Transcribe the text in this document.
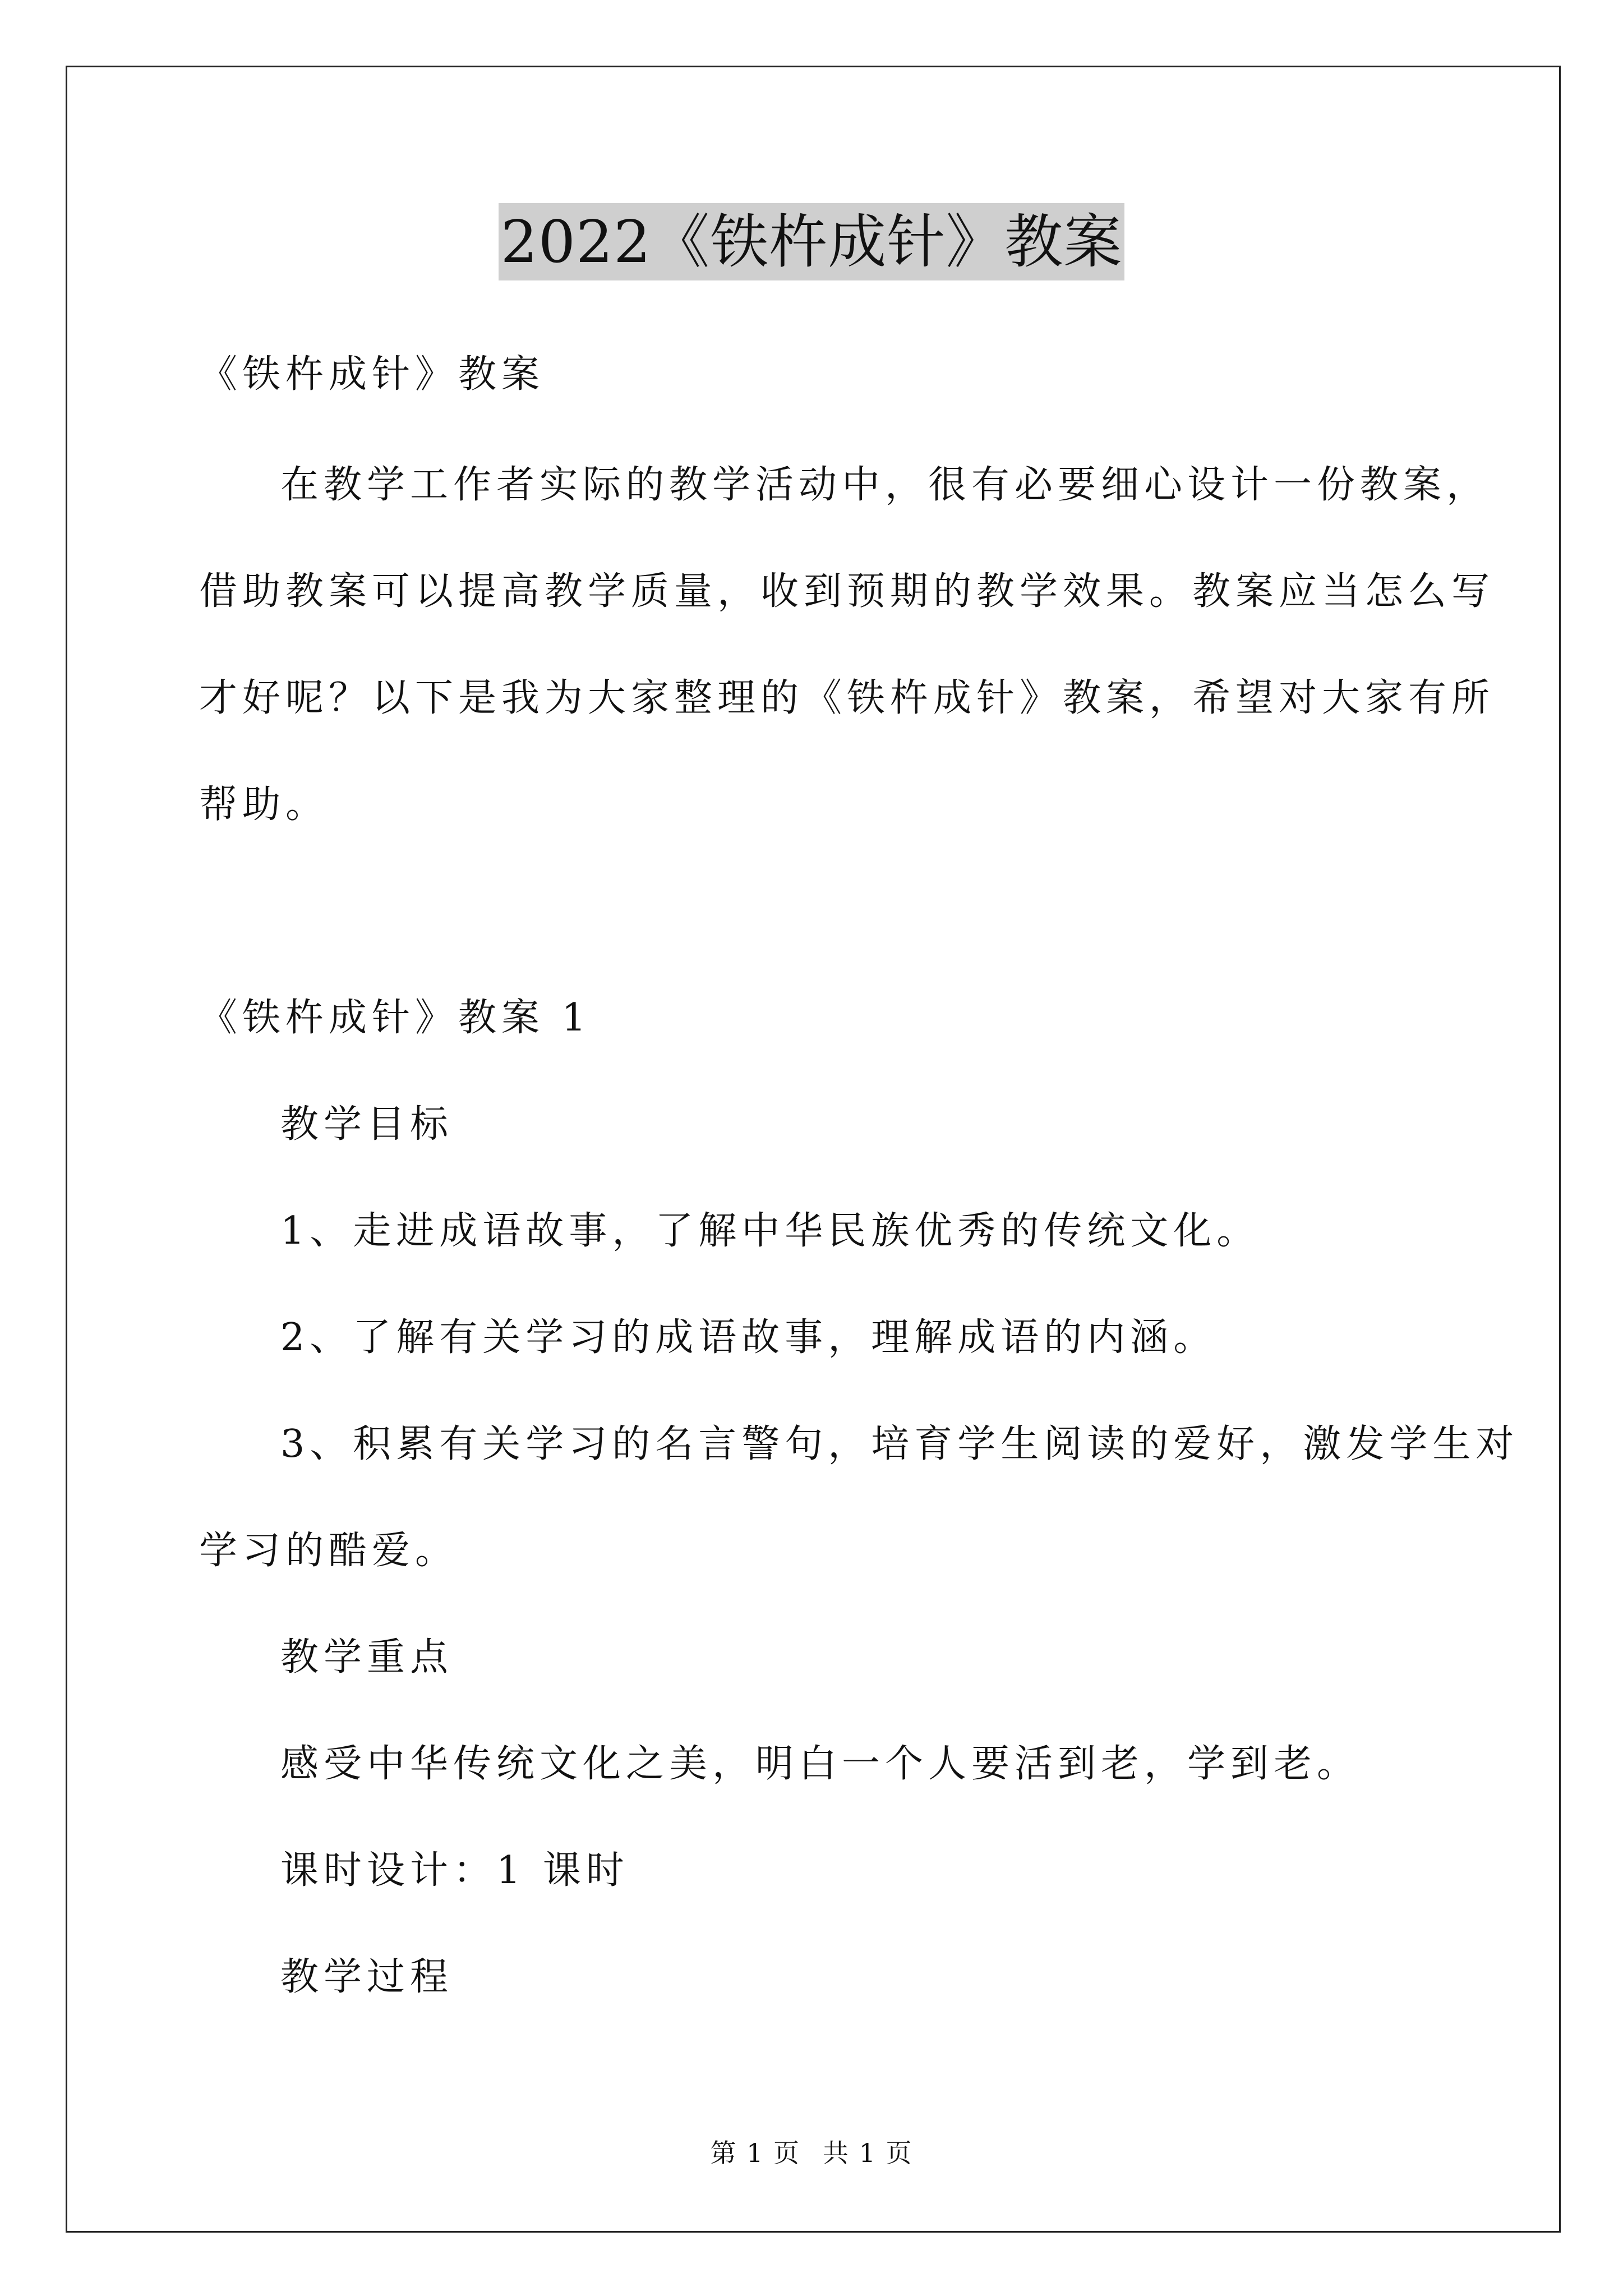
2022《铁杵成针》教案
《铁杵成针》教案
在教学工作者实际的教学活动中，很有必要细心设计一份教案，
借助教案可以提高教学质量，收到预期的教学效果。教案应当怎么写
才好呢？以下是我为大家整理的《铁杵成针》教案，希望对大家有所
帮助。
《铁杵成针》教案 1
教学目标
1、走进成语故事，了解中华民族优秀的传统文化。
2、了解有关学习的成语故事，理解成语的内涵。
3、积累有关学习的名言警句，培育学生阅读的爱好，激发学生对
学习的酷爱。
教学重点
感受中华传统文化之美，明白一个人要活到老，学到老。
课时设计：1 课时
教学过程
第 1 页 共 1 页
